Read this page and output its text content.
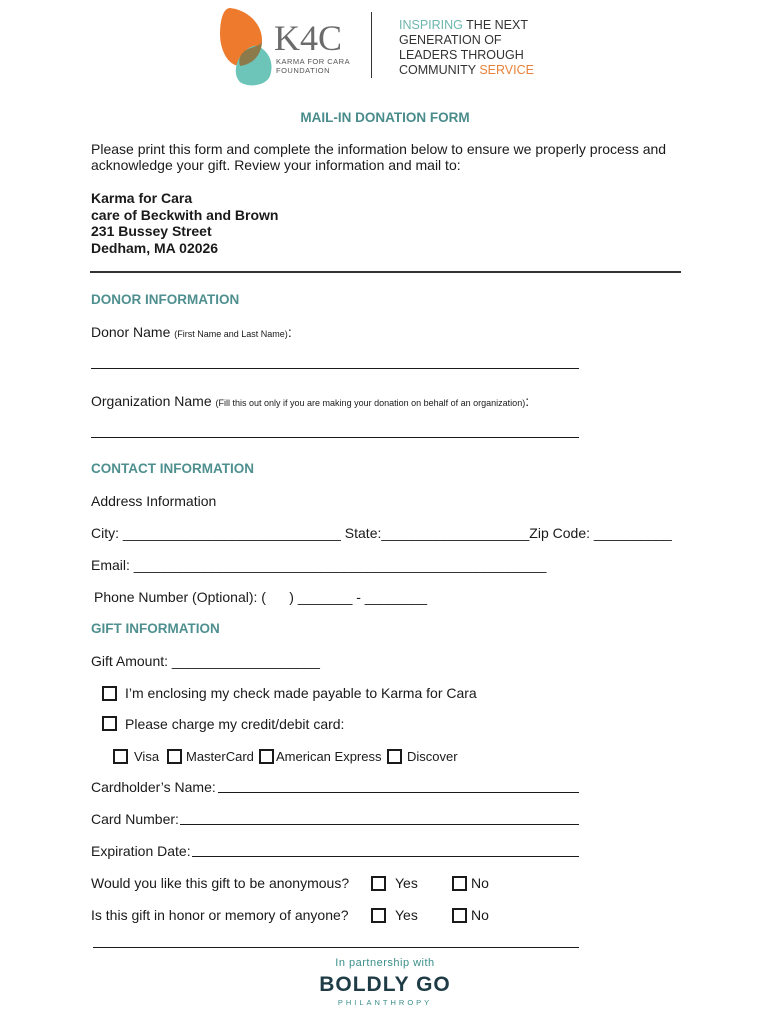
K4C
KARMA FOR CARA
FOUNDATION
INSPIRING THE NEXT
GENERATION OF
LEADERS THROUGH
COMMUNITY SERVICE
MAIL-IN DONATION FORM
Please print this form and complete the information below to ensure we properly process and
acknowledge your gift. Review your information and mail to:
Karma for Cara
care of Beckwith and Brown
231 Bussey Street
Dedham, MA 02026
DONOR INFORMATION
Donor Name (First Name and Last Name):
Organization Name (Fill this out only if you are making your donation on behalf of an organization):
CONTACT INFORMATION
Address Information
City: ____________________________ State:___________________Zip Code: __________
Email: _____________________________________________________
Phone Number (Optional): (      ) _______ - ________
GIFT INFORMATION
Gift Amount: ___________________
I’m enclosing my check made payable to Karma for Cara
Please charge my credit/debit card:
Visa MasterCard American Express Discover
Cardholder’s Name:
Card Number:
Expiration Date:
Would you like this gift to be anonymous?	Yes	No
Is this gift in honor or memory of anyone?	Yes	No
In partnership with
BOLDLY GO
PHILANTHROPY
